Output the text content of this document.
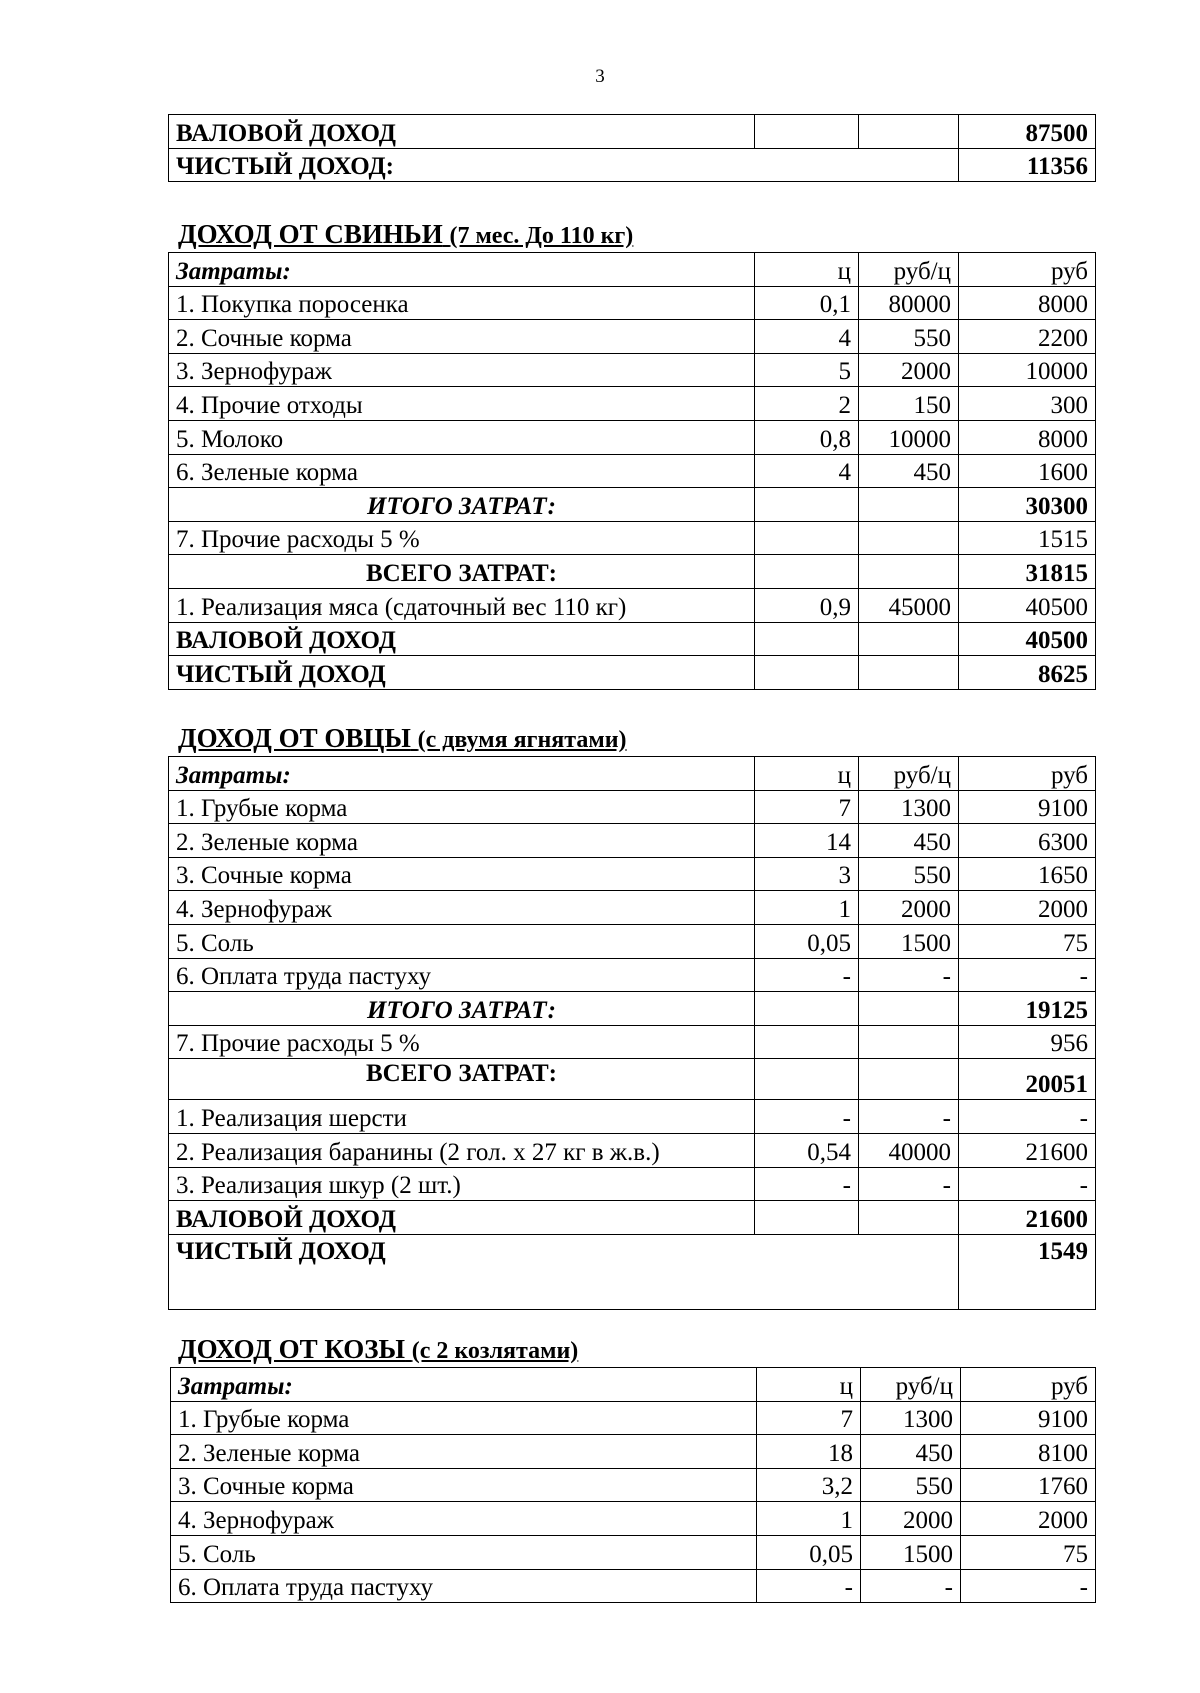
3
ВАЛОВОЙ ДОХОД			87500
ЧИСТЫЙ ДОХОД:			11356
ДОХОД ОТ СВИНЬИ (7 мес. До 110 кг)
ДОХОД ОТ ОВЦЫ (с двумя ягнятами)
ДОХОД ОТ КОЗЫ (с 2 козлятами)
Затраты:	ц	руб/ц	руб
1. Покупка поросенка	0,1	80000	8000
2. Сочные корма	4	550	2200
3. Зернофураж	5	2000	10000
4. Прочие отходы	2	150	300
5. Молоко	0,8	10000	8000
6. Зеленые корма	4	450	1600
ИТОГО ЗАТРАТ:			30300
7. Прочие расходы 5 %			1515
ВСЕГО ЗАТРАТ:			31815
1. Реализация мяса (сдаточный вес 110 кг)	0,9	45000	40500
ВАЛОВОЙ ДОХОД			40500
ЧИСТЫЙ ДОХОД			8625
Затраты:	ц	руб/ц	руб
1. Грубые корма	7	1300	9100
2. Зеленые корма	14	450	6300
3. Сочные корма	3	550	1650
4. Зернофураж	1	2000	2000
5. Соль	0,05	1500	75
6. Оплата труда пастуху	-	-	-
ИТОГО ЗАТРАТ:			19125
7. Прочие расходы 5 %			956
ВСЕГО ЗАТРАТ:			20051
1. Реализация шерсти	-	-	-
2. Реализация баранины (2 гол. х 27 кг в ж.в.)	0,54	40000	21600
3. Реализация шкур (2 шт.)	-	-	-
ВАЛОВОЙ ДОХОД			21600
ЧИСТЫЙ ДОХОД			1549
Затраты:	ц	руб/ц	руб
1. Грубые корма	7	1300	9100
2. Зеленые корма	18	450	8100
3. Сочные корма	3,2	550	1760
4. Зернофураж	1	2000	2000
5. Соль	0,05	1500	75
6. Оплата труда пастуху	-	-	-
